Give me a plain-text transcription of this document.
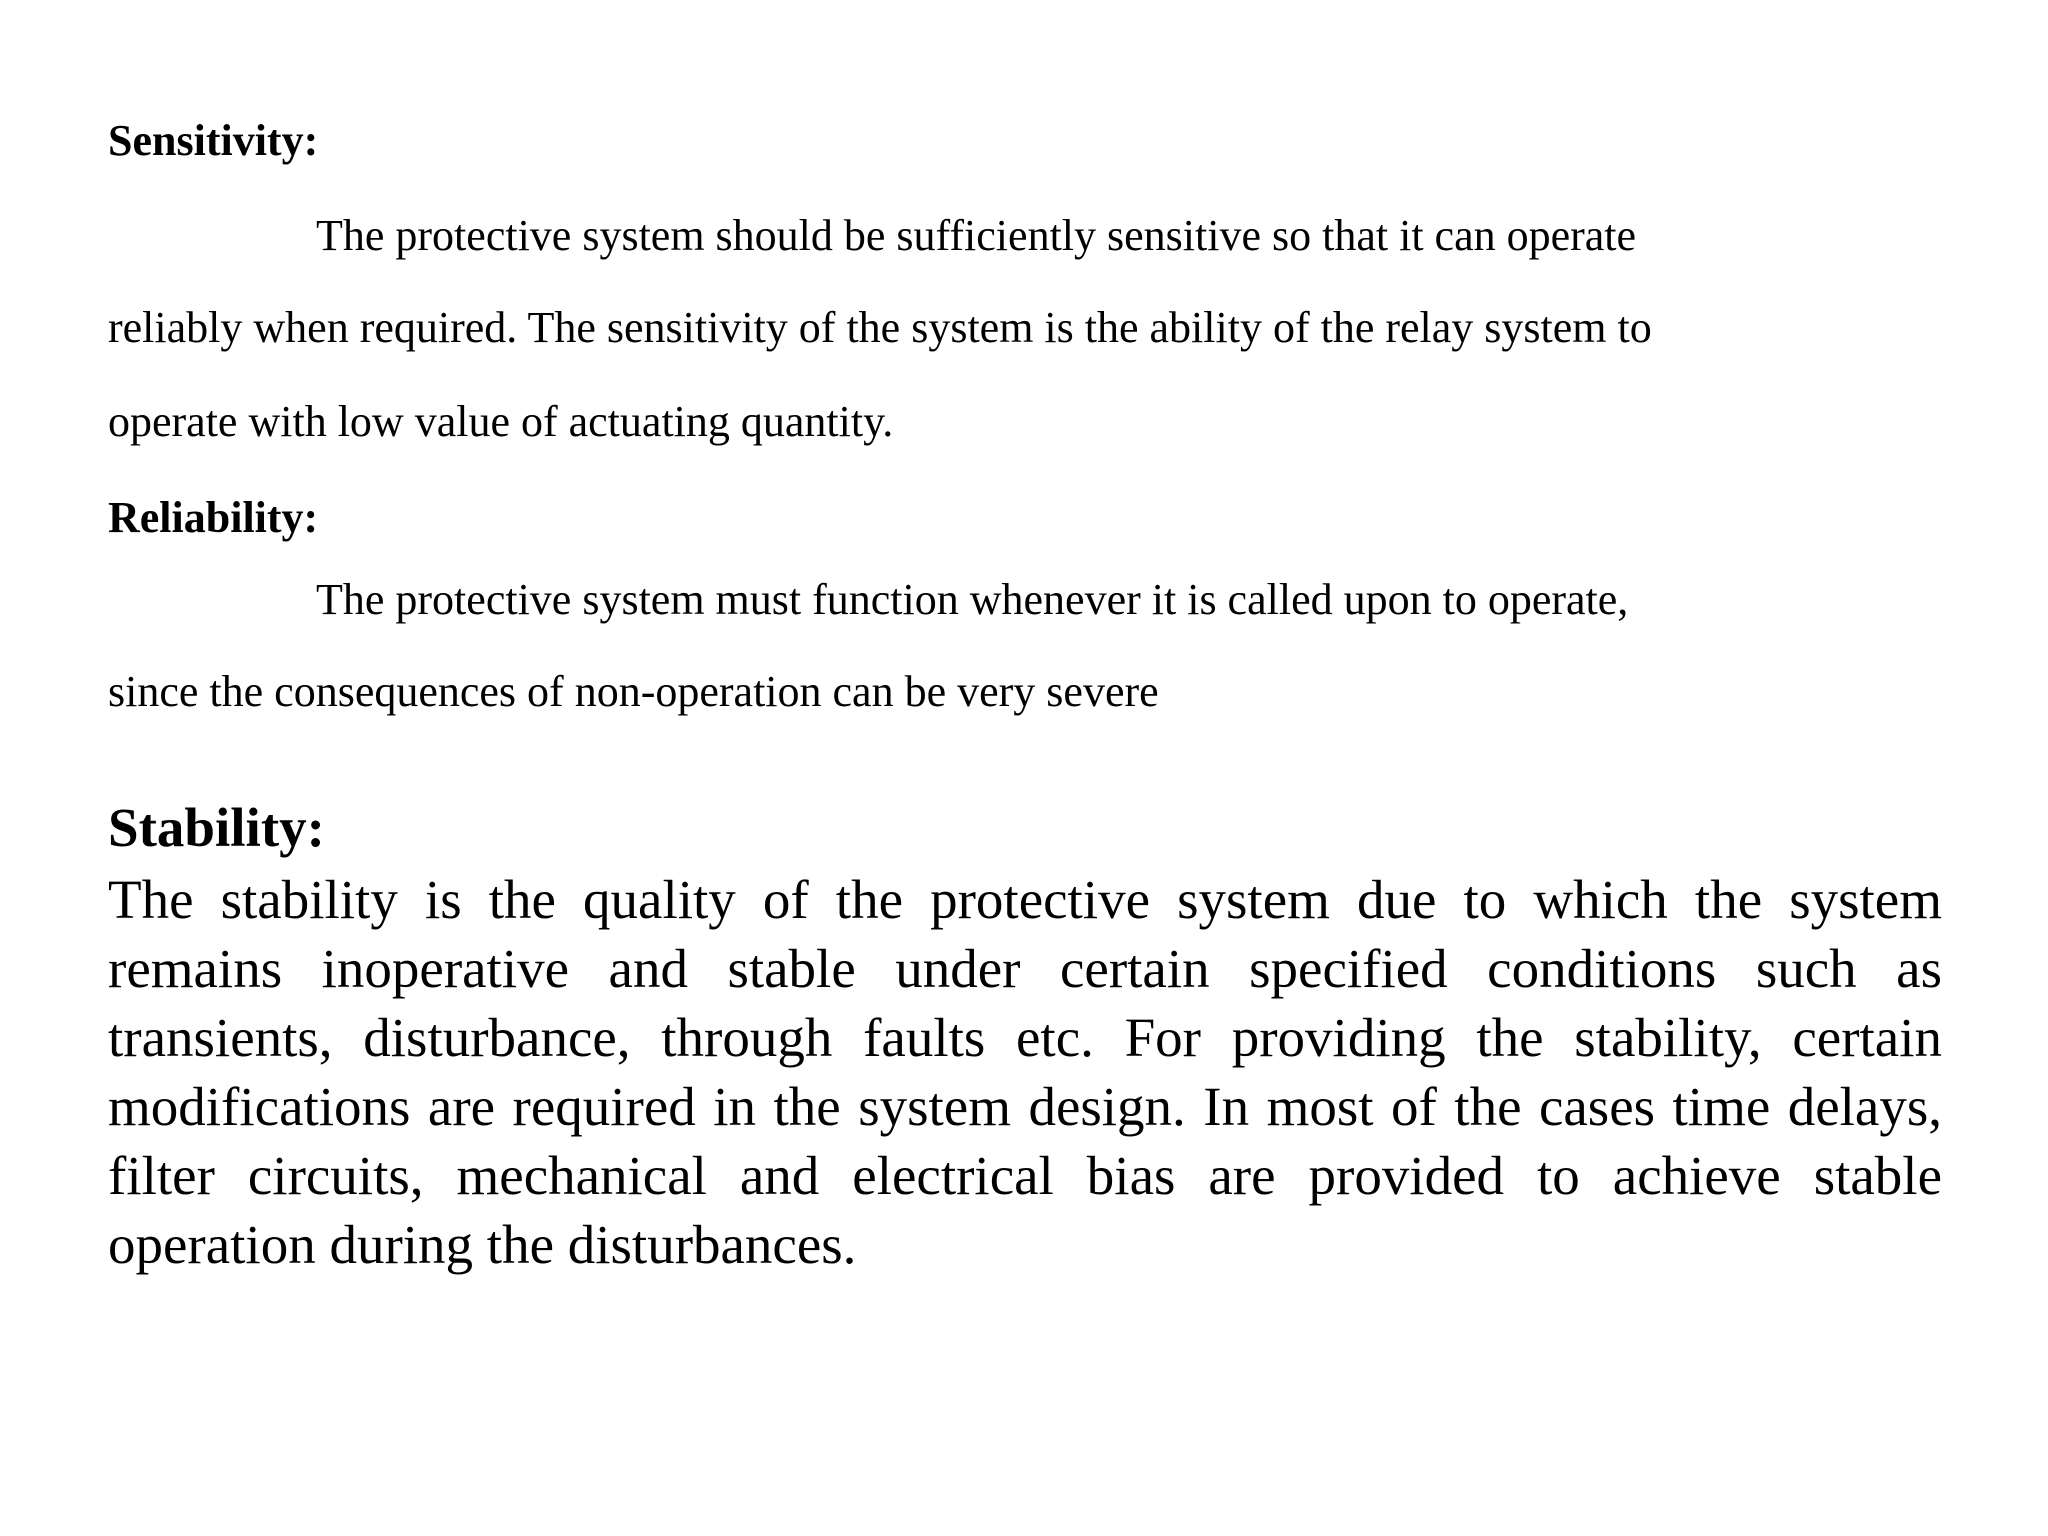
Sensitivity:

The protective system should be sufficiently sensitive so that it can operate

reliably when required. The sensitivity of the system is the ability of the relay system to

operate with low value of actuating quantity.

Reliability:

The protective system must function whenever it is called upon to operate,

since the consequences of non-operation can be very severe

Stability:

The stability is the quality of the protective system due to which the system remains inoperative and stable under certain specified conditions such as transients, disturbance, through faults etc. For providing the stability, certain modifications are required in the system design. In most of the cases time delays, filter circuits, mechanical and electrical bias are provided to achieve stable operation during the disturbances.
